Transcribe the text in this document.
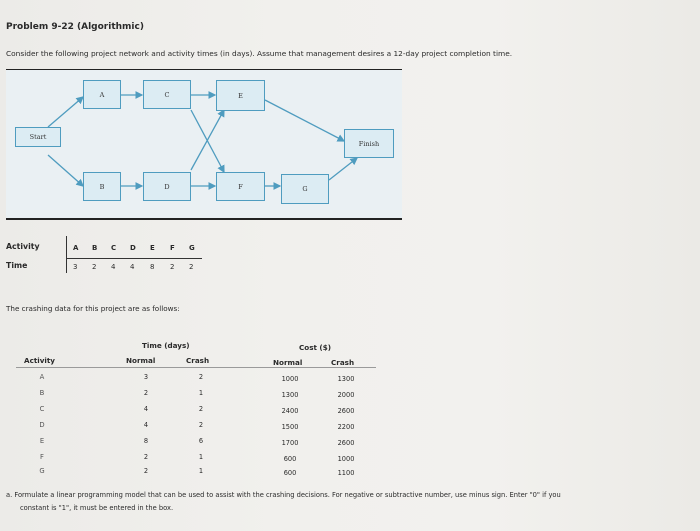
Problem 9-22 (Algorithmic)
Consider the following project network and activity times (in days). Assume that management desires a 12-day project completion time.
Start
A	C	E
Finish
B	D	F	G
Activity
Time
A B C D E F G
3 2 4 4 8 2 2
The crashing data for this project are as follows:
Time (days)	Cost ($)
Activity	Normal	Crash	Normal	Crash
A	3	2	1000	1300
B	2	1	1300	2000
C	4	2	2400	2600
D	4	2	1500	2200
E	8	6	1700	2600
F	2	1	600	1000
G	2	1	600	1100
a. Formulate a linear programming model that can be used to assist with the crashing decisions. For negative or subtractive number, use minus sign. Enter "0" if you
constant is "1", it must be entered in the box.
